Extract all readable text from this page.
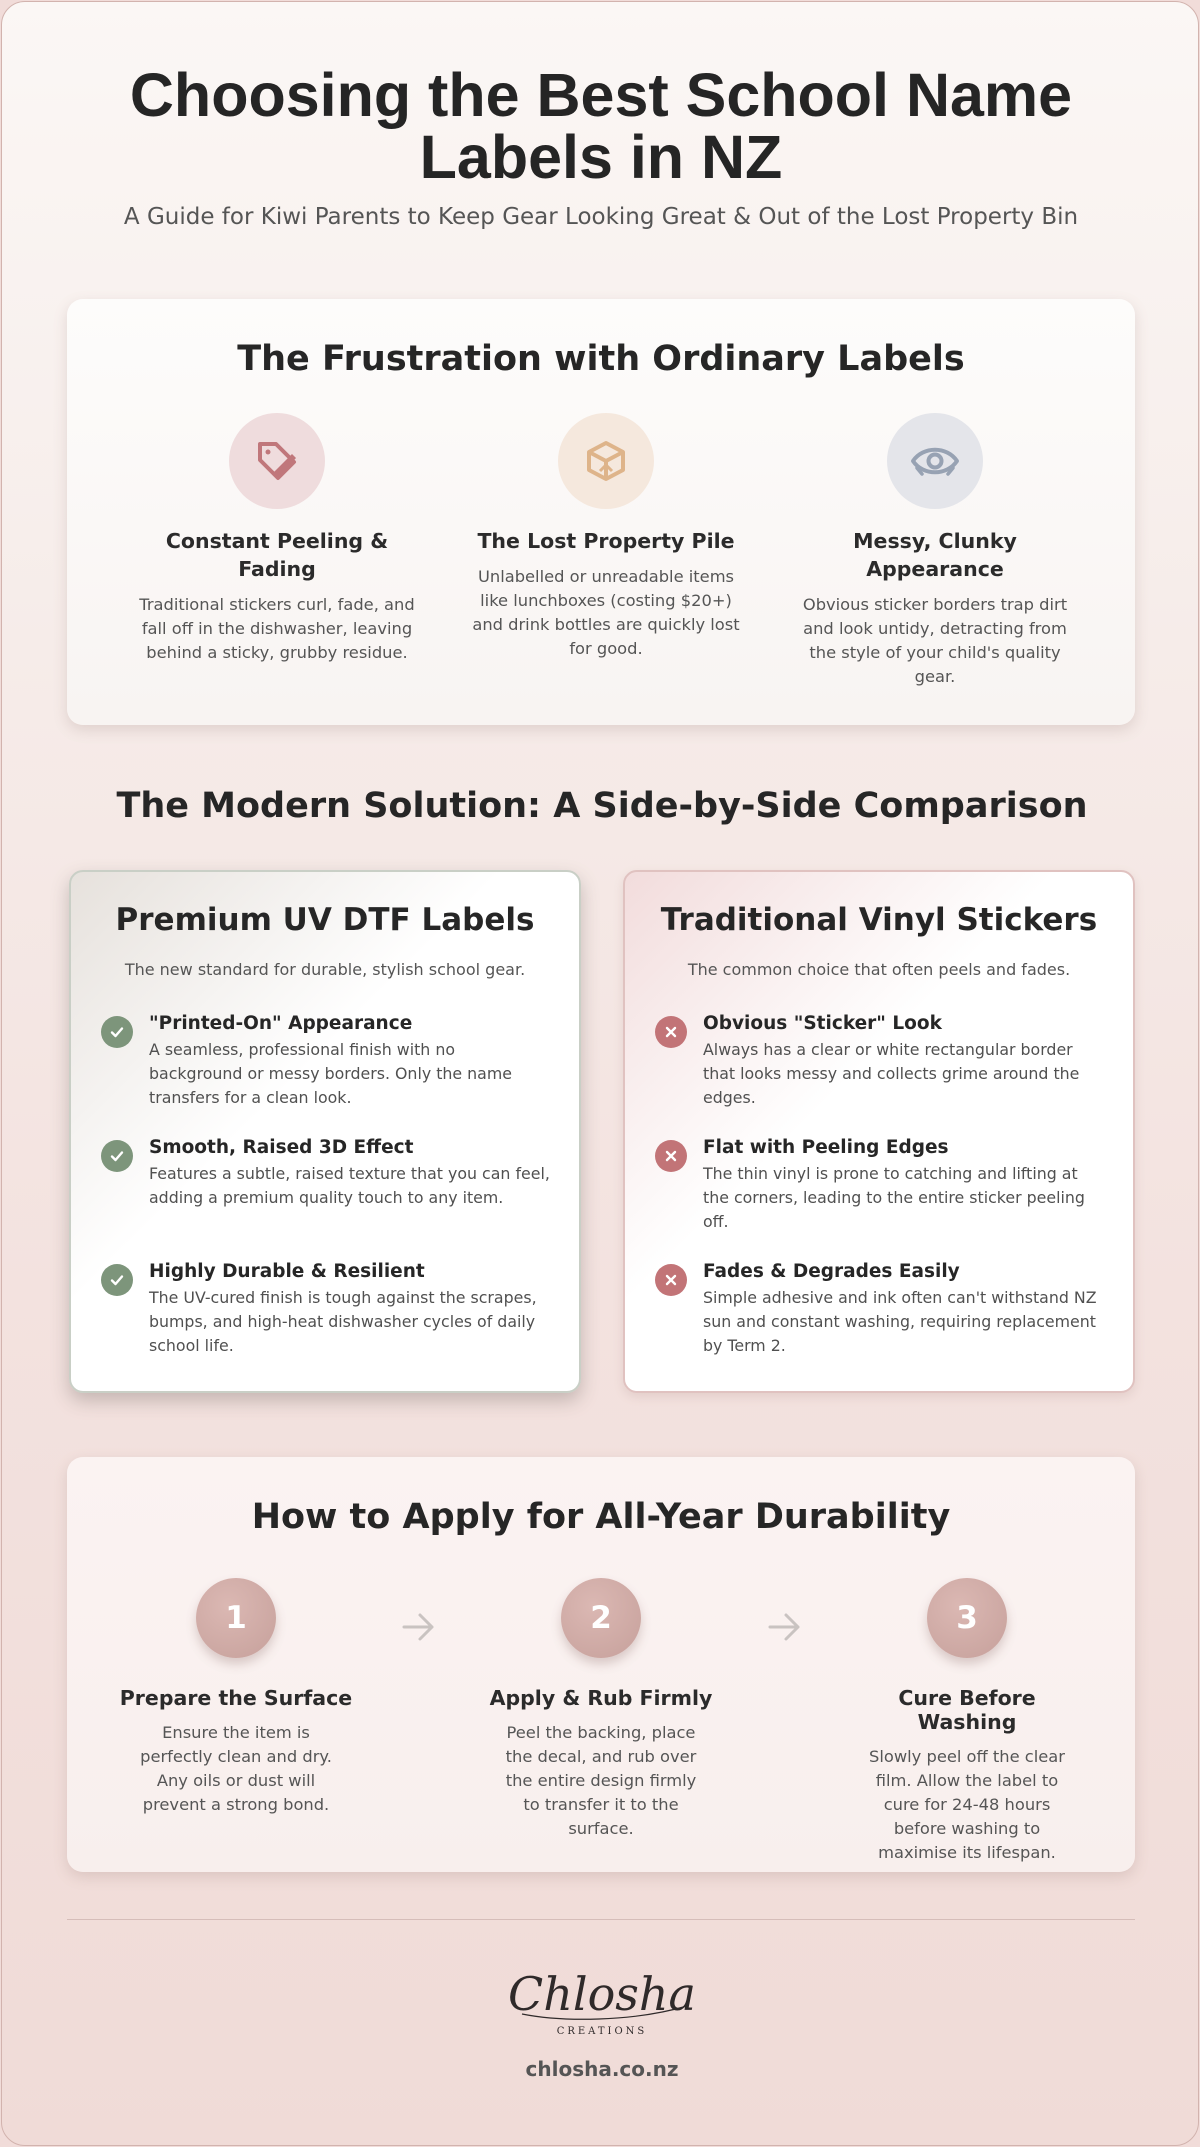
Choosing the Best School Name Labels in NZ
A Guide for Kiwi Parents to Keep Gear Looking Great & Out of the Lost Property Bin
The Frustration with Ordinary Labels
Constant Peeling & Fading

Traditional stickers curl, fade, and fall off in the dishwasher, leaving behind a sticky, grubby residue.

The Lost Property Pile

Unlabelled or unreadable items like lunchboxes (costing $20+) and drink bottles are quickly lost for good.

Messy, Clunky Appearance

Obvious sticker borders trap dirt and look untidy, detracting from the style of your child's quality gear.

The Modern Solution: A Side-by-Side Comparison
Premium UV DTF Labels
The new standard for durable, stylish school gear.
"Printed-On" Appearance

A seamless, professional finish with no background or messy borders. Only the name transfers for a clean look.

Smooth, Raised 3D Effect

Features a subtle, raised texture that you can feel, adding a premium quality touch to any item.

Highly Durable & Resilient

The UV-cured finish is tough against the scrapes, bumps, and high-heat dishwasher cycles of daily school life.

Traditional Vinyl Stickers
The common choice that often peels and fades.
Obvious "Sticker" Look

Always has a clear or white rectangular border that looks messy and collects grime around the edges.

Flat with Peeling Edges

The thin vinyl is prone to catching and lifting at the corners, leading to the entire sticker peeling off.

Fades & Degrades Easily

Simple adhesive and ink often can't withstand NZ sun and constant washing, requiring replacement by Term 2.

How to Apply for All-Year Durability
1
Prepare the Surface

Ensure the item is perfectly clean and dry. Any oils or dust will prevent a strong bond.

2
Apply & Rub Firmly

Peel the backing, place the decal, and rub over the entire design firmly to transfer it to the surface.

3
Cure Before Washing

Slowly peel off the clear film. Allow the label to cure for 24-48 hours before washing to maximise its lifespan.

Chlosha
CREATIONS
chlosha.co.nz
